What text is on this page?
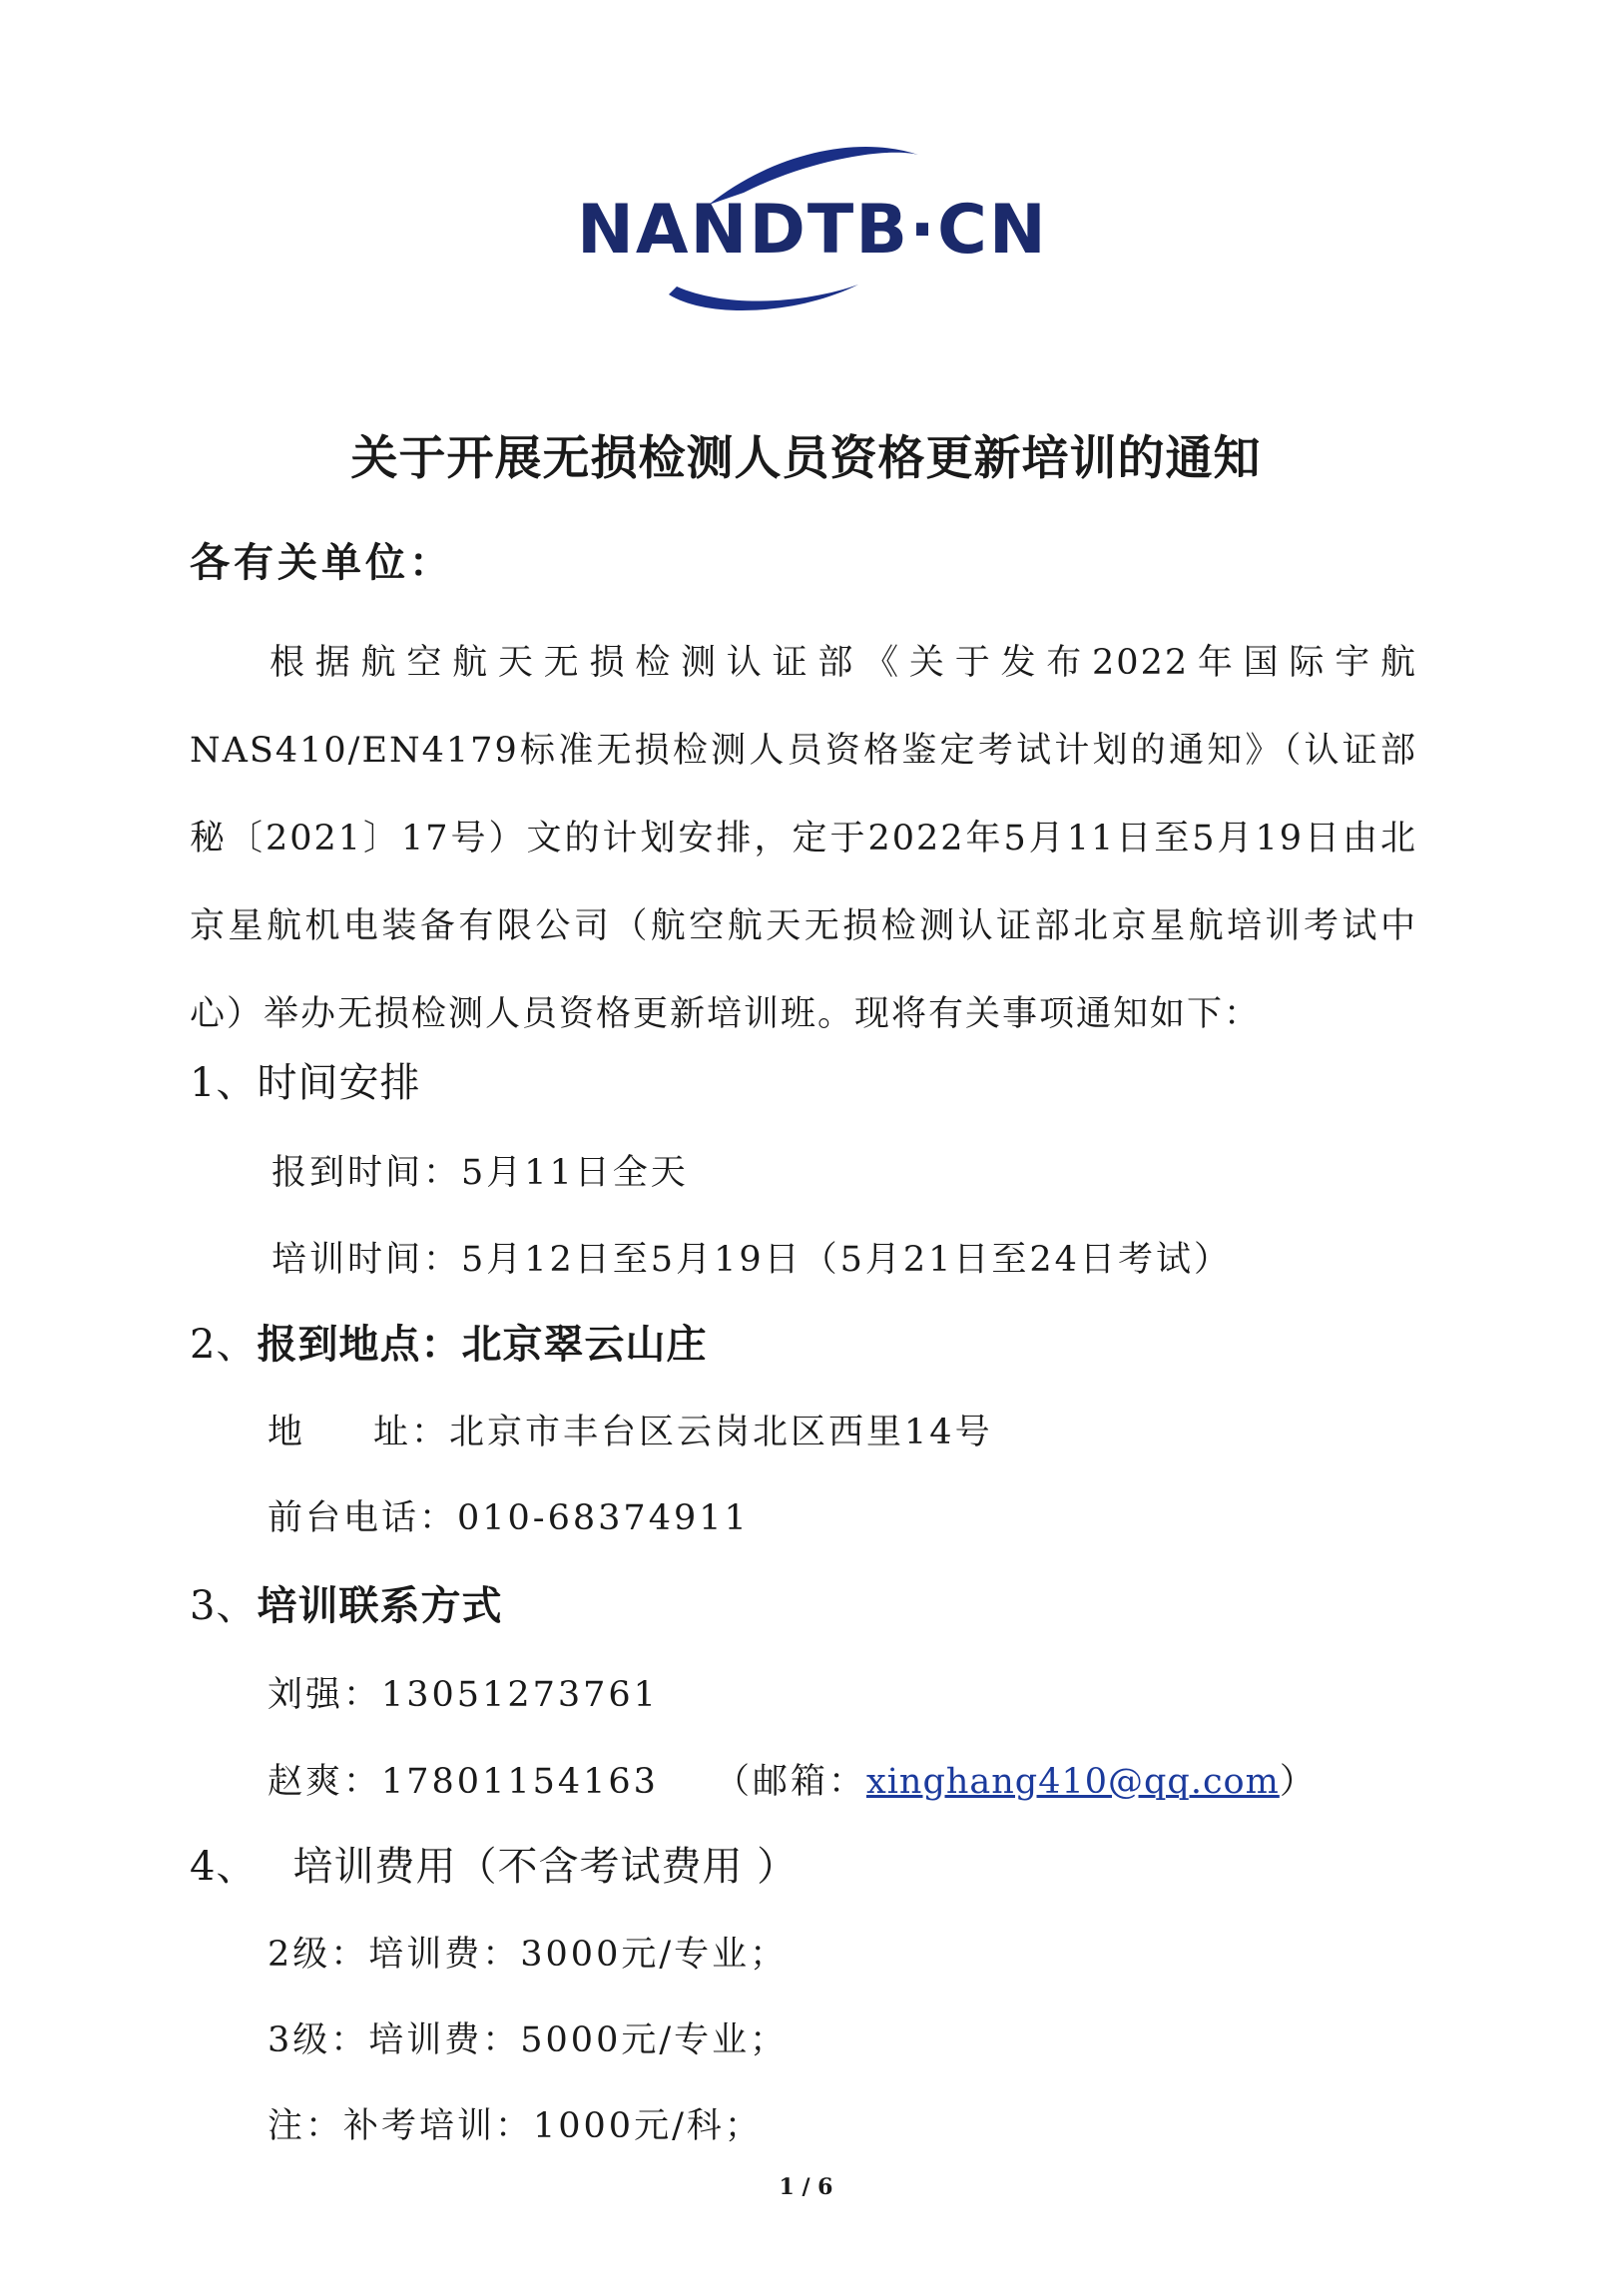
NANDTB·CN
关于开展无损检测人员资格更新培训的通知
各有关单位：
根据航空航天无损检测认证部《关于发布2022年国际宇航NAS410/EN4179标准无损检测人员资格鉴定考试计划的通知》（认证部秘〔2021〕17号）文的计划安排，定于2022年5月11日至5月19日由北京星航机电装备有限公司（航空航天无损检测认证部北京星航培训考试中心）举办无损检测人员资格更新培训班。现将有关事项通知如下：
1、时间安排
报到时间：5月11日全天
培训时间：5月12日至5月19日（5月21日至24日考试）
2、报到地点：北京翠云山庄
地 址：北京市丰台区云岗北区西里14号
前台电话：010-68374911
3、培训联系方式
刘强：13051273761
赵爽：17801154163 （邮箱：xinghang410@qq.com）
4、 培训费用（不含考试费用 ）
2级：培训费：3000元/专业；
3级：培训费：5000元/专业；
注：补考培训：1000元/科；
1 / 6
